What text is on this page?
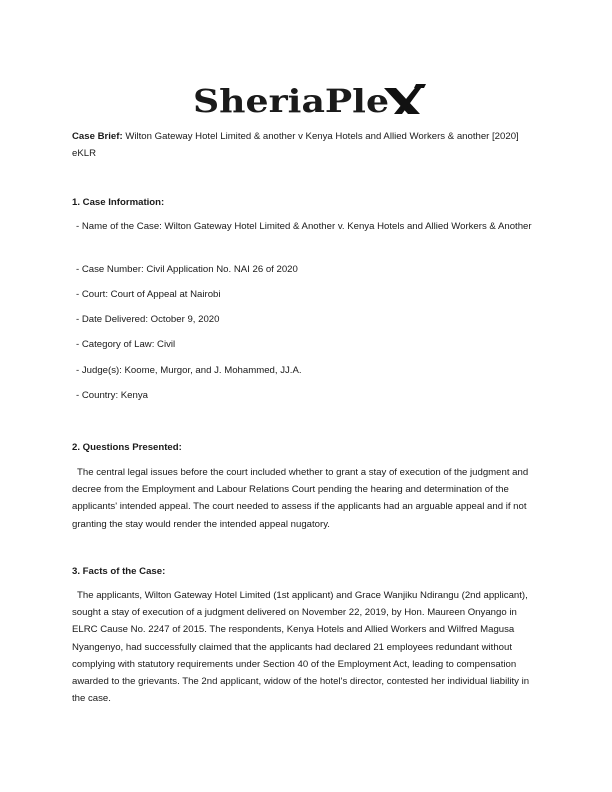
SheriaPle
Case Brief: Wilton Gateway Hotel Limited & another v Kenya Hotels and Allied Workers & another [2020] eKLR
1. Case Information:
- Name of the Case: Wilton Gateway Hotel Limited & Another v. Kenya Hotels and Allied Workers & Another
- Case Number: Civil Application No. NAI 26 of 2020
- Court: Court of Appeal at Nairobi
- Date Delivered: October 9, 2020
- Category of Law: Civil
- Judge(s): Koome, Murgor, and J. Mohammed, JJ.A.
- Country: Kenya
2. Questions Presented:
The central legal issues before the court included whether to grant a stay of execution of the judgment and decree from the Employment and Labour Relations Court pending the hearing and determination of the applicants' intended appeal. The court needed to assess if the applicants had an arguable appeal and if not granting the stay would render the intended appeal nugatory.
3. Facts of the Case:
The applicants, Wilton Gateway Hotel Limited (1st applicant) and Grace Wanjiku Ndirangu (2nd applicant), sought a stay of execution of a judgment delivered on November 22, 2019, by Hon. Maureen Onyango in ELRC Cause No. 2247 of 2015. The respondents, Kenya Hotels and Allied Workers and Wilfred Magusa Nyangenyo, had successfully claimed that the applicants had declared 21 employees redundant without complying with statutory requirements under Section 40 of the Employment Act, leading to compensation awarded to the grievants. The 2nd applicant, widow of the hotel's director, contested her individual liability in the case.
